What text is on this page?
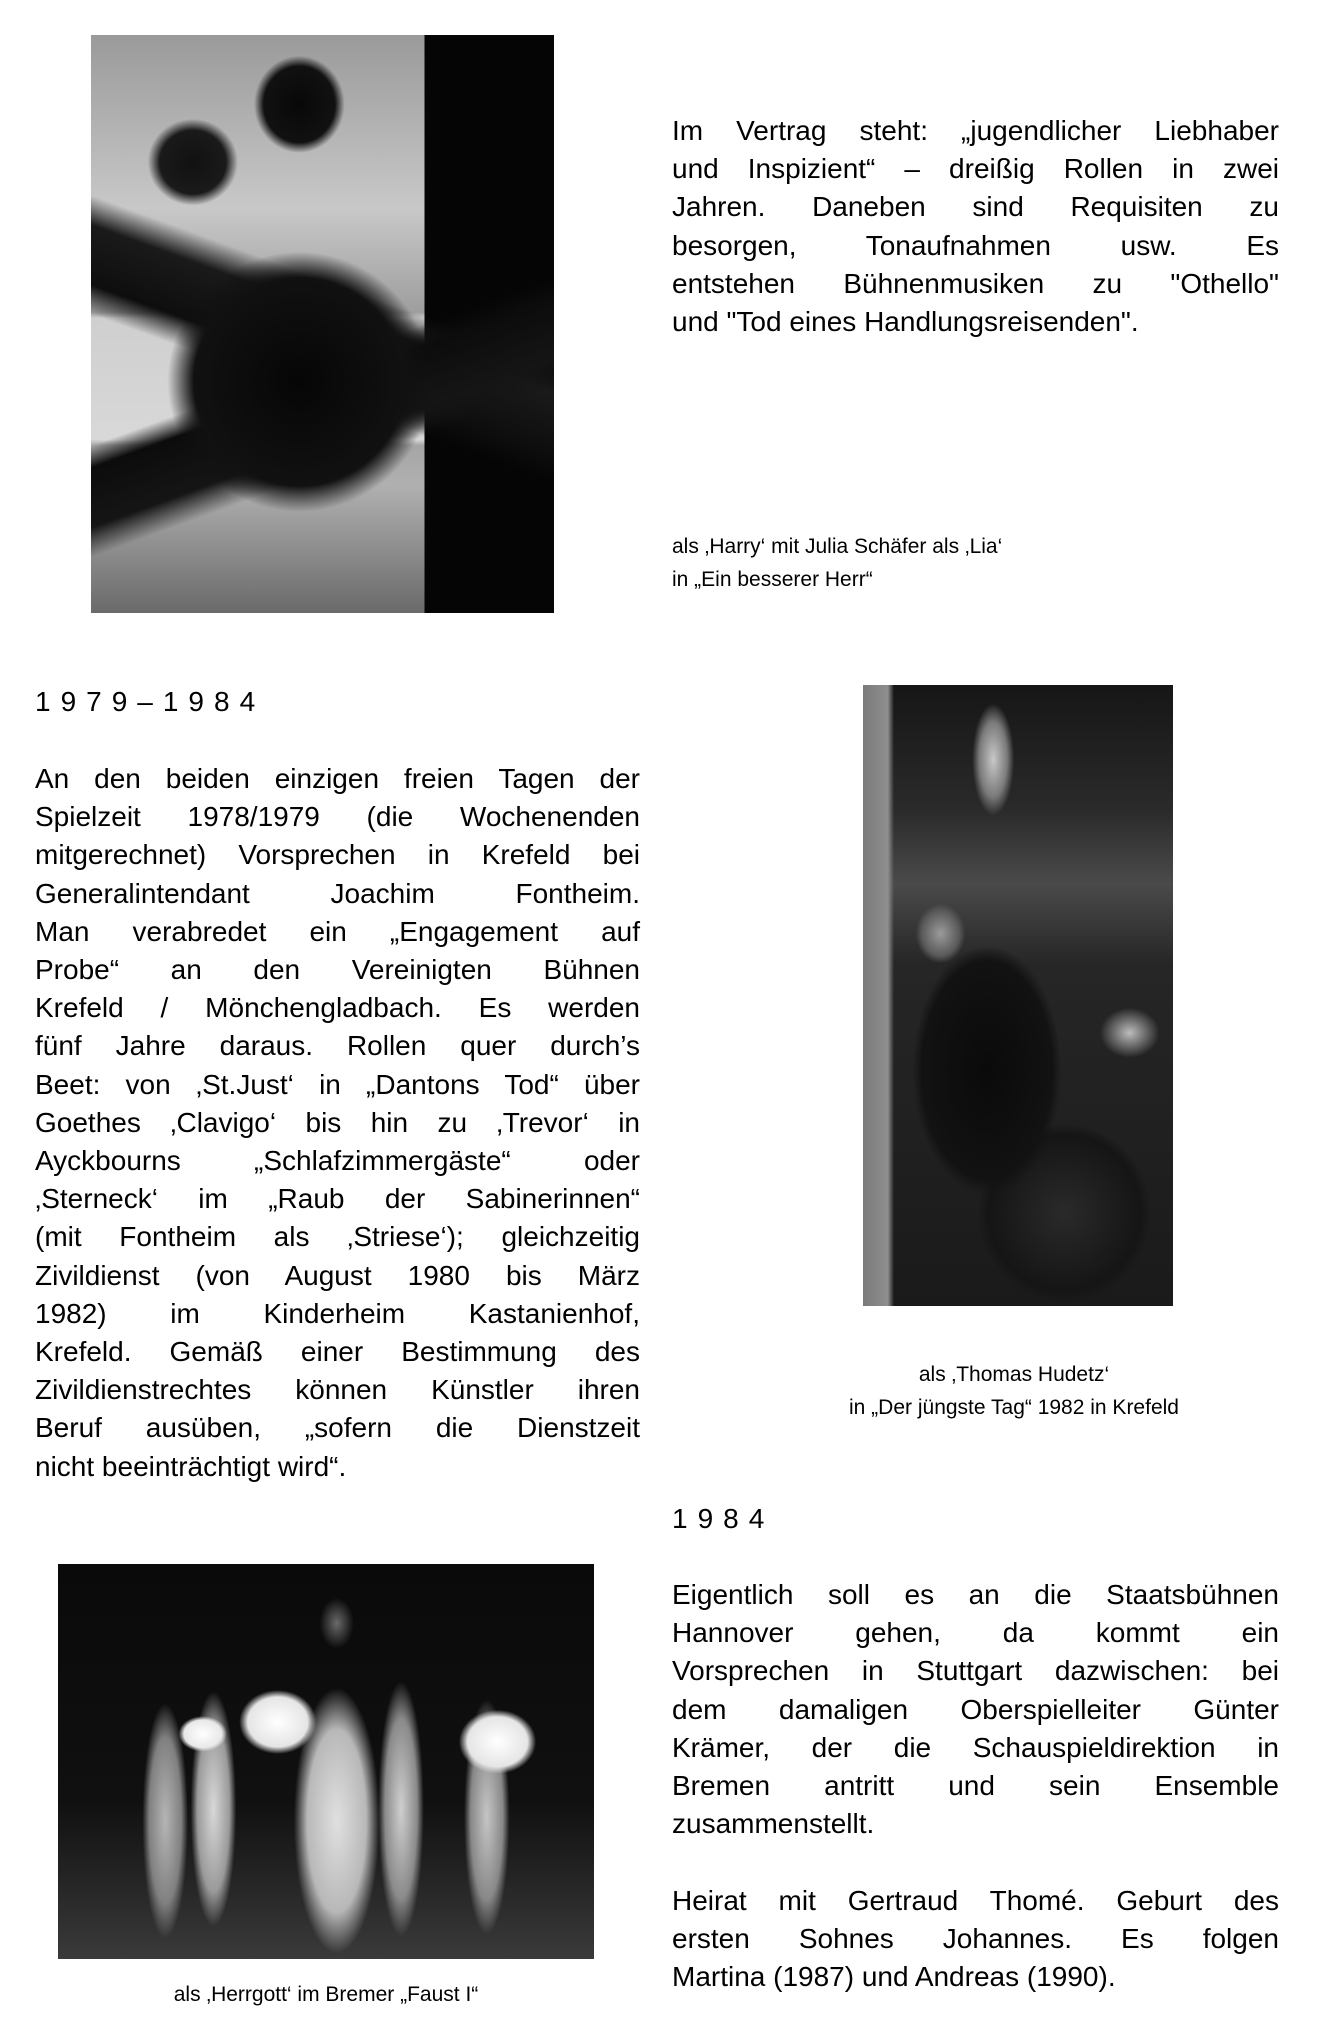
Im Vertrag steht: „jugendlicher Liebhaber
und Inspizient“ – dreißig Rollen in zwei
Jahren. Daneben sind Requisiten zu
besorgen, Tonaufnahmen usw. Es
entstehen Bühnenmusiken zu "Othello"
und "Tod eines Handlungsreisenden".
als ‚Harry‘ mit Julia Schäfer als ‚Lia‘
in „Ein besserer Herr“
1979–1984
An den beiden einzigen freien Tagen der
Spielzeit 1978/1979 (die Wochenenden
mitgerechnet) Vorsprechen in Krefeld bei
Generalintendant Joachim Fontheim.
Man verabredet ein „Engagement auf
Probe“ an den Vereinigten Bühnen
Krefeld / Mönchengladbach. Es werden
fünf Jahre daraus. Rollen quer durch’s
Beet: von ‚St.Just‘ in „Dantons Tod“ über
Goethes ‚Clavigo‘ bis hin zu ‚Trevor‘ in
Ayckbourns „Schlafzimmergäste“ oder
‚Sterneck‘ im „Raub der Sabinerinnen“
(mit Fontheim als ‚Striese‘); gleichzeitig
Zivildienst (von August 1980 bis März
1982) im Kinderheim Kastanienhof,
Krefeld. Gemäß einer Bestimmung des
Zivildienstrechtes können Künstler ihren
Beruf ausüben, „sofern die Dienstzeit
nicht beeinträchtigt wird“.
als ‚Thomas Hudetz‘
in „Der jüngste Tag“ 1982 in Krefeld
1984
Eigentlich soll es an die Staatsbühnen
Hannover gehen, da kommt ein
Vorsprechen in Stuttgart dazwischen: bei
dem damaligen Oberspielleiter Günter
Krämer, der die Schauspieldirektion in
Bremen antritt und sein Ensemble
zusammenstellt.
Heirat mit Gertraud Thomé. Geburt des
ersten Sohnes Johannes. Es folgen
Martina (1987) und Andreas (1990).
als ‚Herrgott‘ im Bremer „Faust I“
